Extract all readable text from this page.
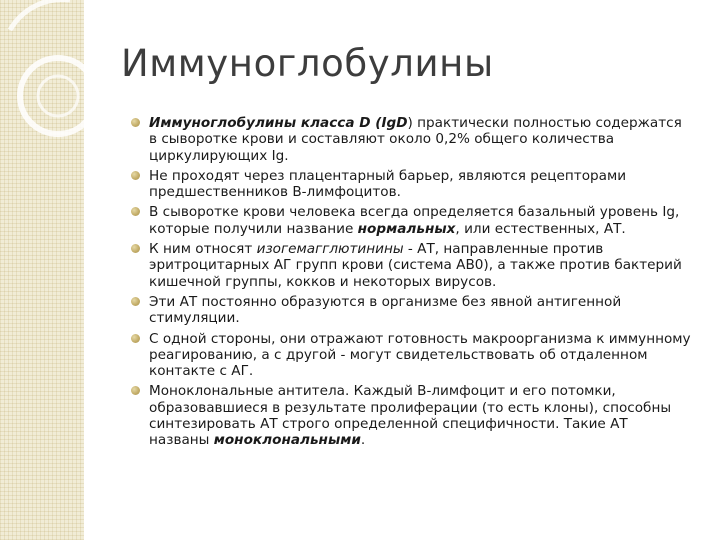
Иммуноглобулины
Иммуноглобулины класса D (IgD) практически полностью содержатся в сыворотке крови и составляют около 0,2% общего количества циркулирующих Ig.
Не проходят через плацентарный барьер, являются рецепторами предшественников В-лимфоцитов.
В сыворотке крови человека всегда определяется базальный уровень Ig, которые получили название нормальных, или естественных, АТ.
К ним относят изогемагглютинины - АТ, направленные против эритроцитарных АГ групп крови (система АВ0), а также против бактерий кишечной группы, кокков и некоторых вирусов.
Эти АТ постоянно образуются в организме без явной антигенной стимуляции.
С одной стороны, они отражают готовность макроорганизма к иммунному реагированию, а с другой - могут свидетельствовать об отдаленном контакте с АГ.
Моноклональные антитела. Каждый В-лимфоцит и его потомки, образовавшиеся в результате пролиферации (то есть клоны), способны синтезировать АТ строго определенной специфичности. Такие АТ названы моноклональными.
